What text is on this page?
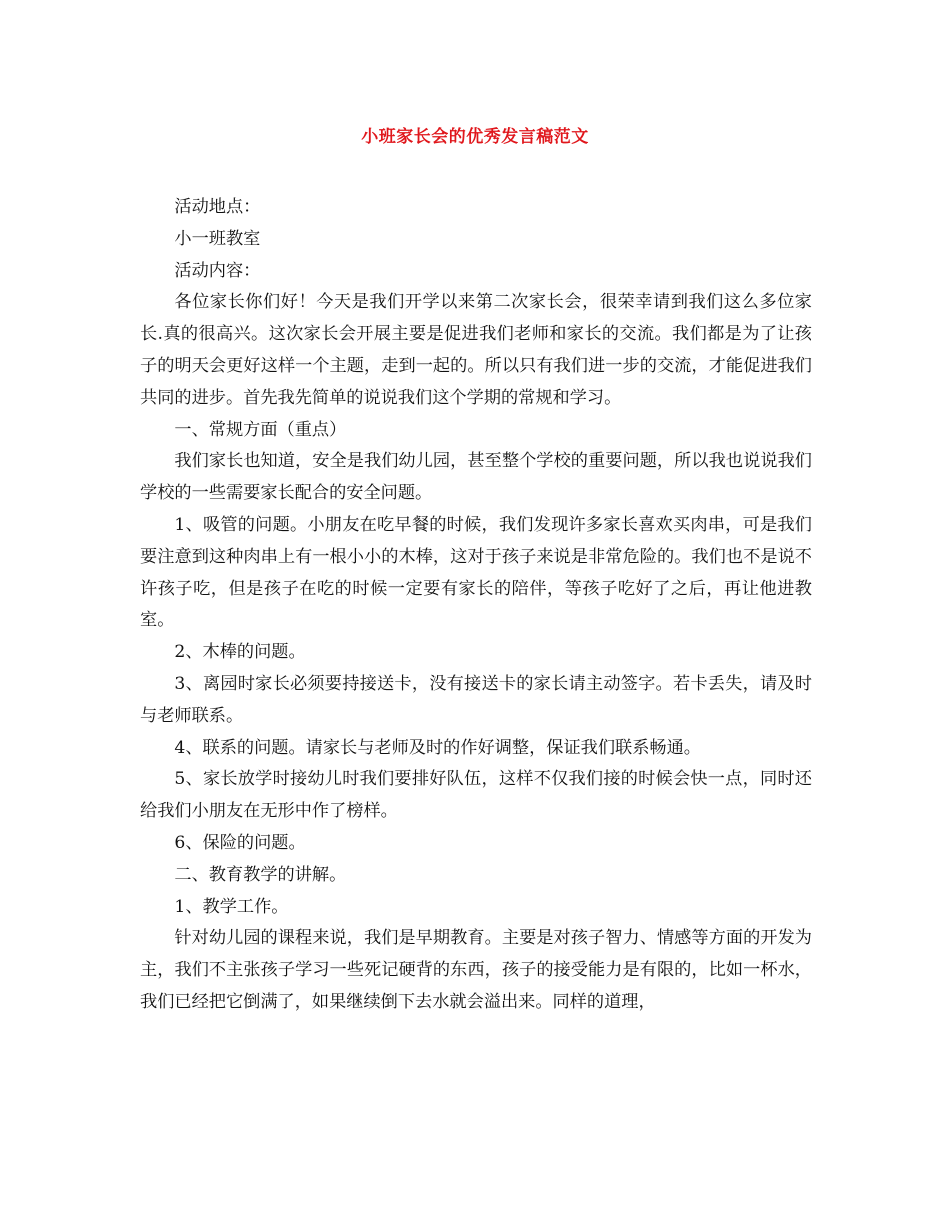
小班家长会的优秀发言稿范文

活动地点：

小一班教室

活动内容：

各位家长你们好！今天是我们开学以来第二次家长会，很荣幸请到我们这么多位家长.真的很高兴。这次家长会开展主要是促进我们老师和家长的交流。我们都是为了让孩子的明天会更好这样一个主题，走到一起的。所以只有我们进一步的交流，才能促进我们共同的进步。首先我先简单的说说我们这个学期的常规和学习。

一、常规方面（重点）

我们家长也知道，安全是我们幼儿园，甚至整个学校的重要问题，所以我也说说我们学校的一些需要家长配合的安全问题。

1、吸管的问题。小朋友在吃早餐的时候，我们发现许多家长喜欢买肉串，可是我们要注意到这种肉串上有一根小小的木棒，这对于孩子来说是非常危险的。我们也不是说不许孩子吃，但是孩子在吃的时候一定要有家长的陪伴，等孩子吃好了之后，再让他进教室。

2、木棒的问题。

3、离园时家长必须要持接送卡，没有接送卡的家长请主动签字。若卡丢失，请及时与老师联系。

4、联系的问题。请家长与老师及时的作好调整，保证我们联系畅通。

5、家长放学时接幼儿时我们要排好队伍，这样不仅我们接的时候会快一点，同时还给我们小朋友在无形中作了榜样。

6、保险的问题。

二、教育教学的讲解。

1、教学工作。

针对幼儿园的课程来说，我们是早期教育。主要是对孩子智力、情感等方面的开发为主，我们不主张孩子学习一些死记硬背的东西，孩子的接受能力是有限的，比如一杯水，我们已经把它倒满了，如果继续倒下去水就会溢出来。同样的道理，
